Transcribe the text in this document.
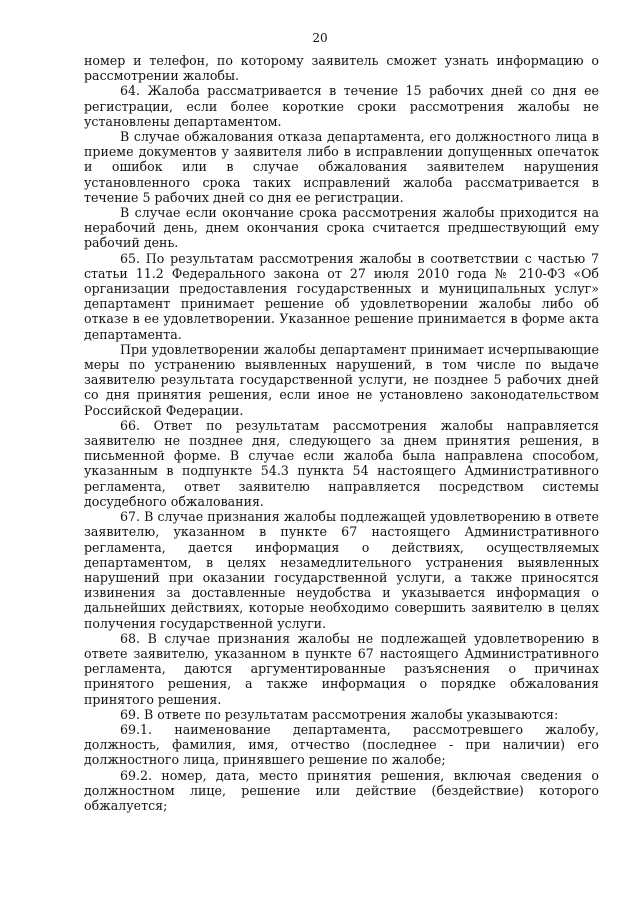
20

номер и телефон, по которому заявитель сможет узнать информацию о рассмотрении жалобы.

64. Жалоба рассматривается в течение 15 рабочих дней со дня ее регистрации, если более короткие сроки рассмотрения жалобы не установлены департаментом.

В случае обжалования отказа департамента, его должностного лица в приеме документов у заявителя либо в исправлении допущенных опечаток и ошибок или в случае обжалования заявителем нарушения установленного срока таких исправлений жалоба рассматривается в течение 5 рабочих дней со дня ее регистрации.

В случае если окончание срока рассмотрения жалобы приходится на нерабочий день, днем окончания срока считается предшествующий ему рабочий день.

65. По результатам рассмотрения жалобы в соответствии с частью 7 статьи 11.2 Федерального закона от 27 июля 2010 года № 210-ФЗ «Об организации предоставления государственных и муниципальных услуг» департамент принимает решение об удовлетворении жалобы либо об отказе в ее удовлетворении. Указанное решение принимается в форме акта департамента.

При удовлетворении жалобы департамент принимает исчерпывающие меры по устранению выявленных нарушений, в том числе по выдаче заявителю результата государственной услуги, не позднее 5 рабочих дней со дня принятия решения, если иное не установлено законодательством Российской Федерации.

66. Ответ по результатам рассмотрения жалобы направляется заявителю не позднее дня, следующего за днем принятия решения, в письменной форме. В случае если жалоба была направлена способом, указанным в подпункте 54.3 пункта 54 настоящего Административного регламента, ответ заявителю направляется посредством системы досудебного обжалования.

67. В случае признания жалобы подлежащей удовлетворению в ответе заявителю, указанном в пункте 67 настоящего Административного регламента, дается информация о действиях, осуществляемых департаментом, в целях незамедлительного устранения выявленных нарушений при оказании государственной услуги, а также приносятся извинения за доставленные неудобства и указывается информация о дальнейших действиях, которые необходимо совершить заявителю в целях получения государственной услуги.

68. В случае признания жалобы не подлежащей удовлетворению в ответе заявителю, указанном в пункте 67 настоящего Административного регламента, даются аргументированные разъяснения о причинах принятого решения, а также информация о порядке обжалования принятого решения.

69. В ответе по результатам рассмотрения жалобы указываются:

69.1. наименование департамента, рассмотревшего жалобу, должность, фамилия, имя, отчество (последнее - при наличии) его должностного лица, принявшего решение по жалобе;

69.2. номер, дата, место принятия решения, включая сведения о должностном лице, решение или действие (бездействие) которого обжалуется;
